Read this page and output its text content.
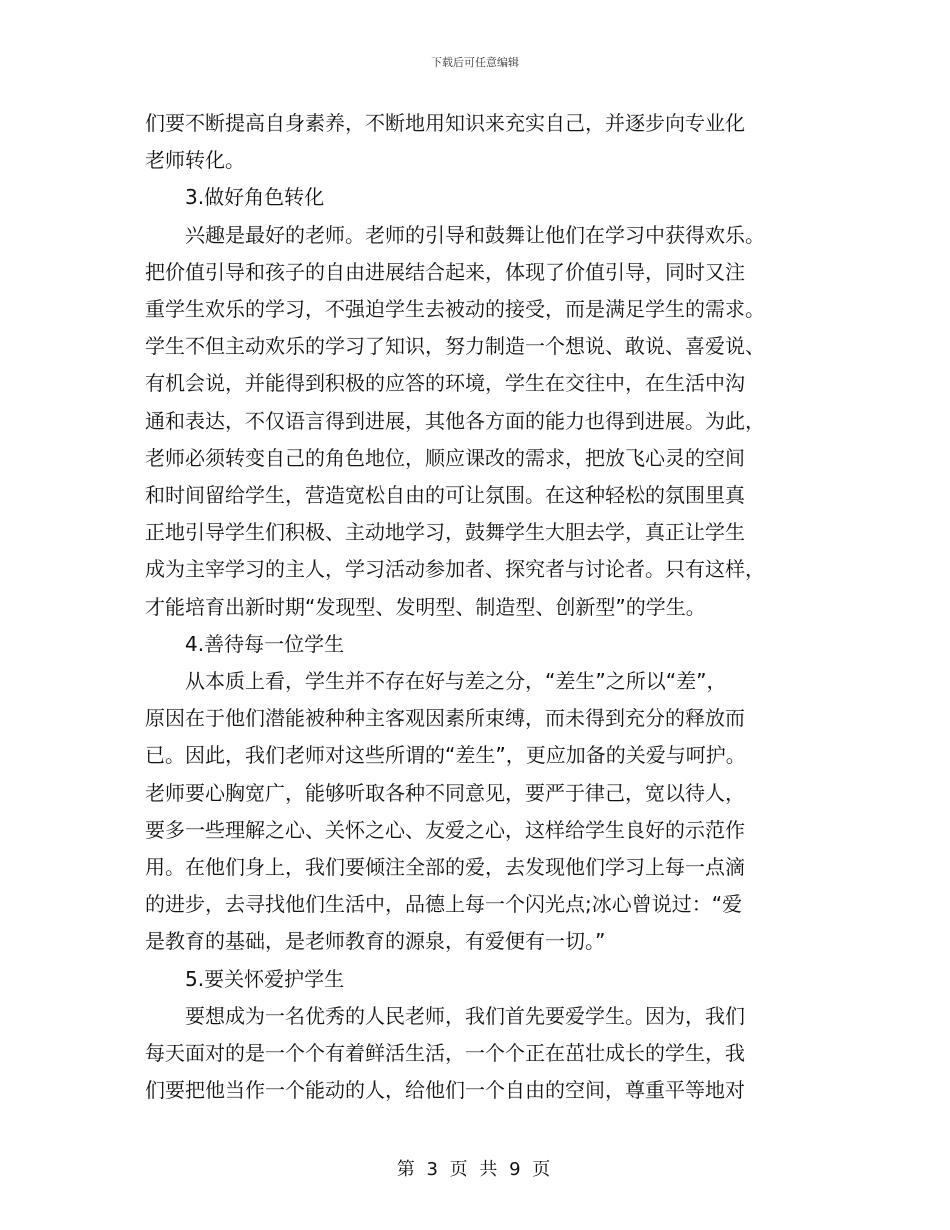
下载后可任意编辑

们要不断提高自身素养，不断地用知识来充实自己，并逐步向专业化

老师转化。

3.做好角色转化

兴趣是最好的老师。老师的引导和鼓舞让他们在学习中获得欢乐。

把价值引导和孩子的自由进展结合起来，体现了价值引导，同时又注

重学生欢乐的学习，不强迫学生去被动的接受，而是满足学生的需求。

学生不但主动欢乐的学习了知识，努力制造一个想说、敢说、喜爱说、

有机会说，并能得到积极的应答的环境，学生在交往中，在生活中沟

通和表达，不仅语言得到进展，其他各方面的能力也得到进展。为此，

老师必须转变自己的角色地位，顺应课改的需求，把放飞心灵的空间

和时间留给学生，营造宽松自由的可让氛围。在这种轻松的氛围里真

正地引导学生们积极、主动地学习，鼓舞学生大胆去学，真正让学生

成为主宰学习的主人，学习活动参加者、探究者与讨论者。只有这样，

才能培育出新时期“发现型、发明型、制造型、创新型”的学生。

4.善待每一位学生

从本质上看，学生并不存在好与差之分，“差生”之所以“差”，

原因在于他们潜能被种种主客观因素所束缚，而未得到充分的释放而

已。因此，我们老师对这些所谓的“差生”，更应加备的关爱与呵护。

老师要心胸宽广，能够听取各种不同意见，要严于律己，宽以待人，

要多一些理解之心、关怀之心、友爱之心，这样给学生良好的示范作

用。在他们身上，我们要倾注全部的爱，去发现他们学习上每一点滴

的进步，去寻找他们生活中，品德上每一个闪光点;冰心曾说过：“爱

是教育的基础，是老师教育的源泉，有爱便有一切。”

5.要关怀爱护学生

要想成为一名优秀的人民老师，我们首先要爱学生。因为，我们

每天面对的是一个个有着鲜活生活，一个个正在茁壮成长的学生，我

们要把他当作一个能动的人，给他们一个自由的空间，尊重平等地对

第 3 页 共 9 页
